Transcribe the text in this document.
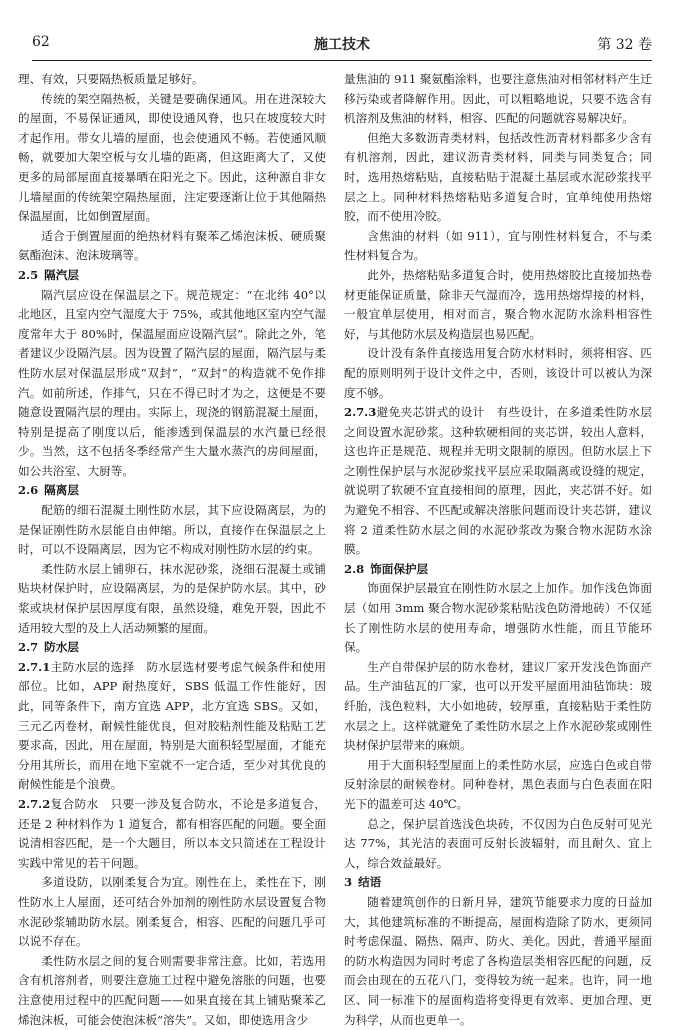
62	施工技术	第 32 卷

理、有效，只要隔热板质量足够好。

传统的架空隔热板，关键是要确保通风。用在进深较大的屋面，不易保证通风，即使设通风脊，也只在坡度较大时才起作用。带女儿墙的屋面，也会使通风不畅。若使通风顺畅，就要加大架空板与女儿墙的距离，但这距离大了，又使更多的局部屋面直接暴晒在阳光之下。因此，这种源自非女儿墙屋面的传统架空隔热屋面，注定要逐渐让位于其他隔热保温屋面，比如倒置屋面。

适合于倒置屋面的绝热材料有聚苯乙烯泡沫板、硬质聚氨酯泡沫、泡沫玻璃等。

2.5 隔汽层

隔汽层应设在保温层之下。规范规定：“在北纬 40°以北地区，且室内空气湿度大于 75%，或其他地区室内空气湿度常年大于 80%时，保温屋面应设隔汽层”。除此之外，笔者建议少设隔汽层。因为设置了隔汽层的屋面，隔汽层与柔性防水层对保温层形成“双封”，“双封”的构造就不免作排汽。如前所述，作排气，只在不得已时才为之，这便是不要随意设置隔汽层的理由。实际上，现浇的钢筋混凝土屋面，特别是提高了刚度以后，能渗透到保温层的水汽量已经很少。当然，这不包括冬季经常产生大量水蒸汽的房间屋面，如公共浴室、大厨等。

2.6 隔离层

配筋的细石混凝土刚性防水层，其下应设隔离层，为的是保证刚性防水层能自由伸缩。所以，直接作在保温层之上时，可以不设隔离层，因为它不构成对刚性防水层的约束。

柔性防水层上铺卵石，抹水泥砂浆，浇细石混凝土或铺贴块材保护时，应设隔离层，为的是保护防水层。其中，砂浆或块材保护层因厚度有限，虽然设缝，难免开裂，因此不适用较大型的及上人活动频繁的屋面。

2.7 防水层

2.7.1主防水层的选择　防水层选材要考虑气候条件和使用部位。比如，APP 耐热度好，SBS 低温工作性能好，因此，同等条件下，南方宜选 APP，北方宜选 SBS。又如，三元乙丙卷材，耐候性能优良，但对胶粘剂性能及粘贴工艺要求高，因此，用在屋面，特别是大面积轻型屋面，才能充分用其所长，而用在地下室就不一定合适，至少对其优良的耐候性能是个浪费。

2.7.2复合防水　只要一涉及复合防水，不论是多道复合，还是 2 种材料作为 1 道复合，都有相容匹配的问题。要全面说清相容匹配，是一个大题目，所以本文只简述在工程设计实践中常见的若干问题。

多道设防，以刚柔复合为宜。刚性在上，柔性在下，刚性防水上人屋面，还可结合外加剂的刚性防水层设置复合物水泥砂浆辅助防水层。刚柔复合，相容、匹配的问题几乎可以说不存在。

柔性防水层之间的复合则需要非常注意。比如，若选用含有机溶剂者，则要注意施工过程中避免溶胀的问题，也要注意使用过程中的匹配问题——如果直接在其上铺贴聚苯乙烯泡沫板，可能会使泡沫板“溶失”。又如，即使选用含少

量焦油的 911 聚氨酯涂料，也要注意焦油对相邻材料产生迁移污染或者降解作用。因此，可以粗略地说，只要不选含有机溶剂及焦油的材料，相容、匹配的问题就容易解决好。

但绝大多数沥青类材料，包括改性沥青材料都多少含有有机溶剂，因此，建议沥青类材料，同类与同类复合；同时，选用热熔粘贴，直接粘贴于混凝土基层或水泥砂浆找平层之上。同种材料热熔粘贴多道复合时，宜单纯使用热熔胶，而不使用冷胶。

含焦油的材料（如 911），宜与刚性材料复合，不与柔性材料复合为。

此外，热熔粘贴多道复合时，使用热熔胶比直接加热卷材更能保证质量，除非天气湿而冷，选用热熔焊接的材料，一般宜单层使用，相对而言，聚合物水泥防水涂料相容性好，与其他防水层及构造层也易匹配。

设计没有条件直接选用复合防水材料时，须将相容、匹配的原则明列于设计文件之中，否则，该设计可以被认为深度不够。

2.7.3避免夹芯饼式的设计　有些设计，在多道柔性防水层之间设置水泥砂浆。这种软硬相间的夹芯饼，较出人意料，这也许正是规范、规程并无明文限制的原因。但防水层上下之刚性保护层与水泥砂浆找平层应采取隔离或设缝的规定，就说明了软硬不宜直接相间的原理，因此，夹芯饼不好。如为避免不相容、不匹配或解决溶胀问题而设计夹芯饼，建议将 2 道柔性防水层之间的水泥砂浆改为聚合物水泥防水涂膜。

2.8 饰面保护层

饰面保护层最宜在刚性防水层之上加作。加作浅色饰面层（如用 3mm 聚合物水泥砂浆粘贴浅色防滑地砖）不仅延长了刚性防水层的使用寿命，增强防水性能，而且节能环保。

生产自带保护层的防水卷材，建议厂家开发浅色饰面产品。生产油毡瓦的厂家，也可以开发平屋面用油毡饰块：玻纤胎，浅色粒料，大小如地砖，较厚重，直接粘贴于柔性防水层之上。这样就避免了柔性防水层之上作水泥砂浆或刚性块材保护层带来的麻烦。

用于大面积轻型屋面上的柔性防水层，应选白色或自带反射涂层的耐候卷材。同种卷材，黑色表面与白色表面在阳光下的温差可达 40℃。

总之，保护层首选浅色块砖，不仅因为白色反射可见光达 77%，其光洁的表面可反射长波辐射，而且耐久、宜上人，综合效益最好。

3 结语

随着建筑创作的日新月异，建筑节能要求力度的日益加大，其他建筑标准的不断提高，屋面构造除了防水，更须同时考虑保温、隔热、隔声、防火、美化。因此，普通平屋面的防水构造因为同时考虑了各构造层类相容匹配的问题，反而会由现在的五花八门，变得较为统一起来。也许，同一地区、同一标准下的屋面构造将变得更有效率、更加合理、更为科学，从而也更单一。
